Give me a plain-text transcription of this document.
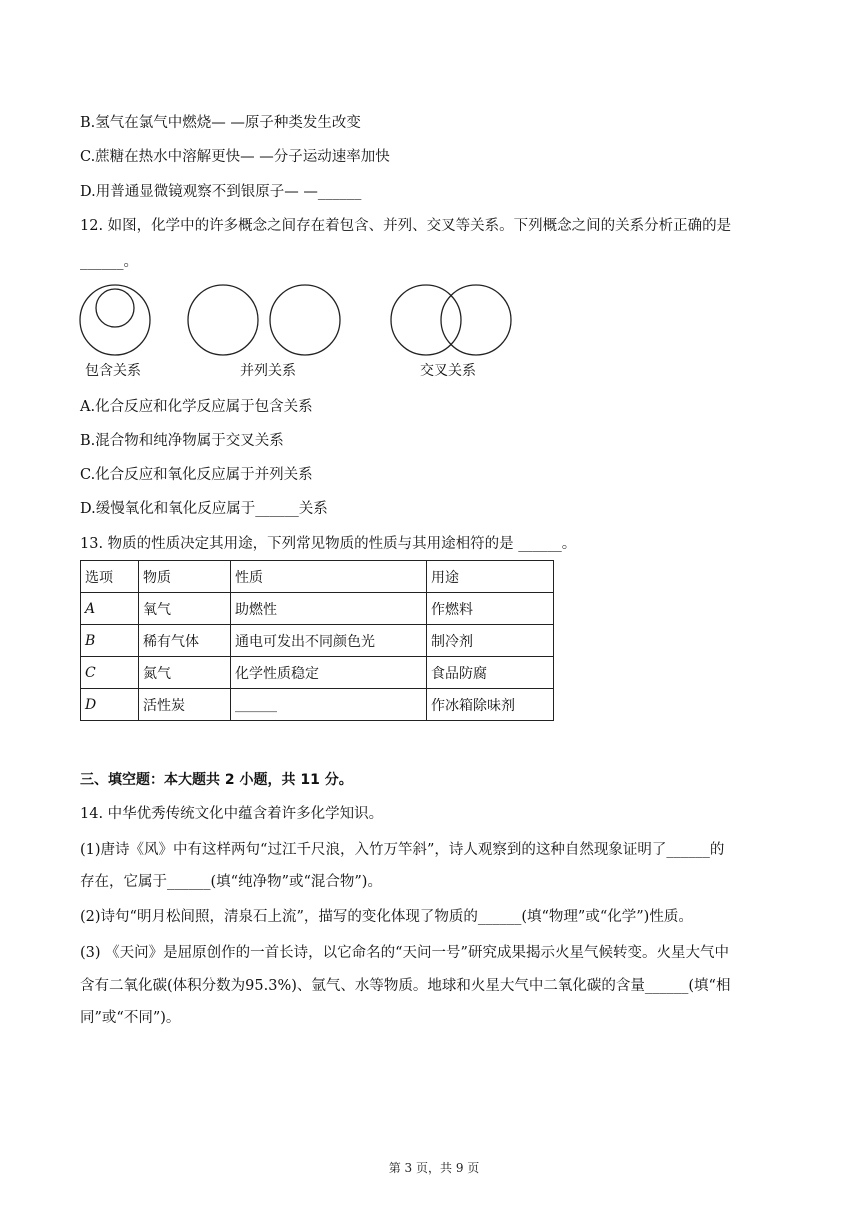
B.氢气在氯气中燃烧— —原子种类发生改变
C.蔗糖在热水中溶解更快— —分子运动速率加快
D.用普通显微镜观察不到银原子— —______
12. 如图，化学中的许多概念之间存在着包含、并列、交叉等关系。下列概念之间的关系分析正确的是
______。
包含关系	并列关系	交叉关系
A.化合反应和化学反应属于包含关系
B.混合物和纯净物属于交叉关系
C.化合反应和氧化反应属于并列关系
D.缓慢氧化和氧化反应属于______关系
13. 物质的性质决定其用途，下列常见物质的性质与其用途相符的是 ______。
选项	物质	性质	用途
A	氧气	助燃性	作燃料
B	稀有气体	通电可发出不同颜色光	制冷剂
C	氮气	化学性质稳定	食品防腐
D	活性炭	______	作冰箱除味剂
三、填空题：本大题共 2 小题，共 11 分。
14. 中华优秀传统文化中蕴含着许多化学知识。
(1)唐诗《风》中有这样两句“过江千尺浪，入竹万竿斜”，诗人观察到的这种自然现象证明了______的
存在，它属于______(填“纯净物”或“混合物”)。
(2)诗句“明月松间照，清泉石上流”，描写的变化体现了物质的______(填“物理”或“化学”)性质。
(3) 《天问》是屈原创作的一首长诗，以它命名的“天问一号”研究成果揭示火星气候转变。火星大气中
含有二氧化碳(体积分数为95.3%)、氩气、水等物质。地球和火星大气中二氧化碳的含量______(填“相
同”或“不同”)。
第 3 页，共 9 页
